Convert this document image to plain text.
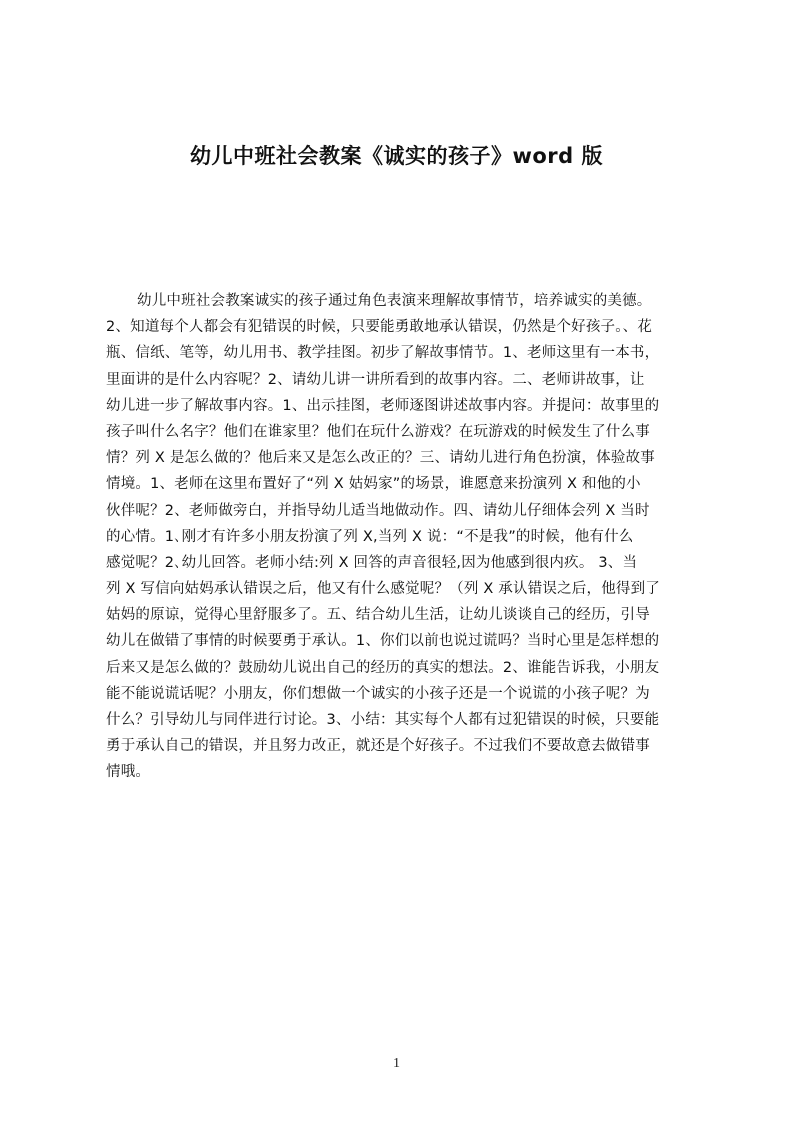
幼儿中班社会教案《诚实的孩子》word 版
幼儿中班社会教案诚实的孩子通过角色表演来理解故事情节，培养诚实的美德。
2、知道每个人都会有犯错误的时候，只要能勇敢地承认错误，仍然是个好孩子。、花
瓶、信纸、笔等，幼儿用书、教学挂图。初步了解故事情节。1、老师这里有一本书，
里面讲的是什么内容呢？2、请幼儿讲一讲所看到的故事内容。二、老师讲故事，让
幼儿进一步了解故事内容。1、出示挂图，老师逐图讲述故事内容。并提问：故事里的
孩子叫什么名字？他们在谁家里？他们在玩什么游戏？在玩游戏的时候发生了什么事
情？列 X 是怎么做的？他后来又是怎么改正的？三、请幼儿进行角色扮演，体验故事
情境。1、老师在这里布置好了“列 X 姑妈家”的场景，谁愿意来扮演列 X 和他的小
伙伴呢？2、老师做旁白，并指导幼儿适当地做动作。四、请幼儿仔细体会列 X 当时
的心情。1､刚才有许多小朋友扮演了列 X,当列 X 说：“不是我”的时候，他有什么
感觉呢？2､幼儿回答。老师小结:列 X 回答的声音很轻,因为他感到很内疚。 3、当
列 X 写信向姑妈承认错误之后，他又有什么感觉呢？（列 X 承认错误之后，他得到了
姑妈的原谅，觉得心里舒服多了。五、结合幼儿生活，让幼儿谈谈自己的经历，引导
幼儿在做错了事情的时候要勇于承认。1、你们以前也说过谎吗？当时心里是怎样想的
后来又是怎么做的？鼓励幼儿说出自己的经历的真实的想法。2、谁能告诉我，小朋友
能不能说谎话呢？小朋友，你们想做一个诚实的小孩子还是一个说谎的小孩子呢？为
什么？引导幼儿与同伴进行讨论。3、小结：其实每个人都有过犯错误的时候，只要能
勇于承认自己的错误，并且努力改正，就还是个好孩子。不过我们不要故意去做错事
情哦。
1
